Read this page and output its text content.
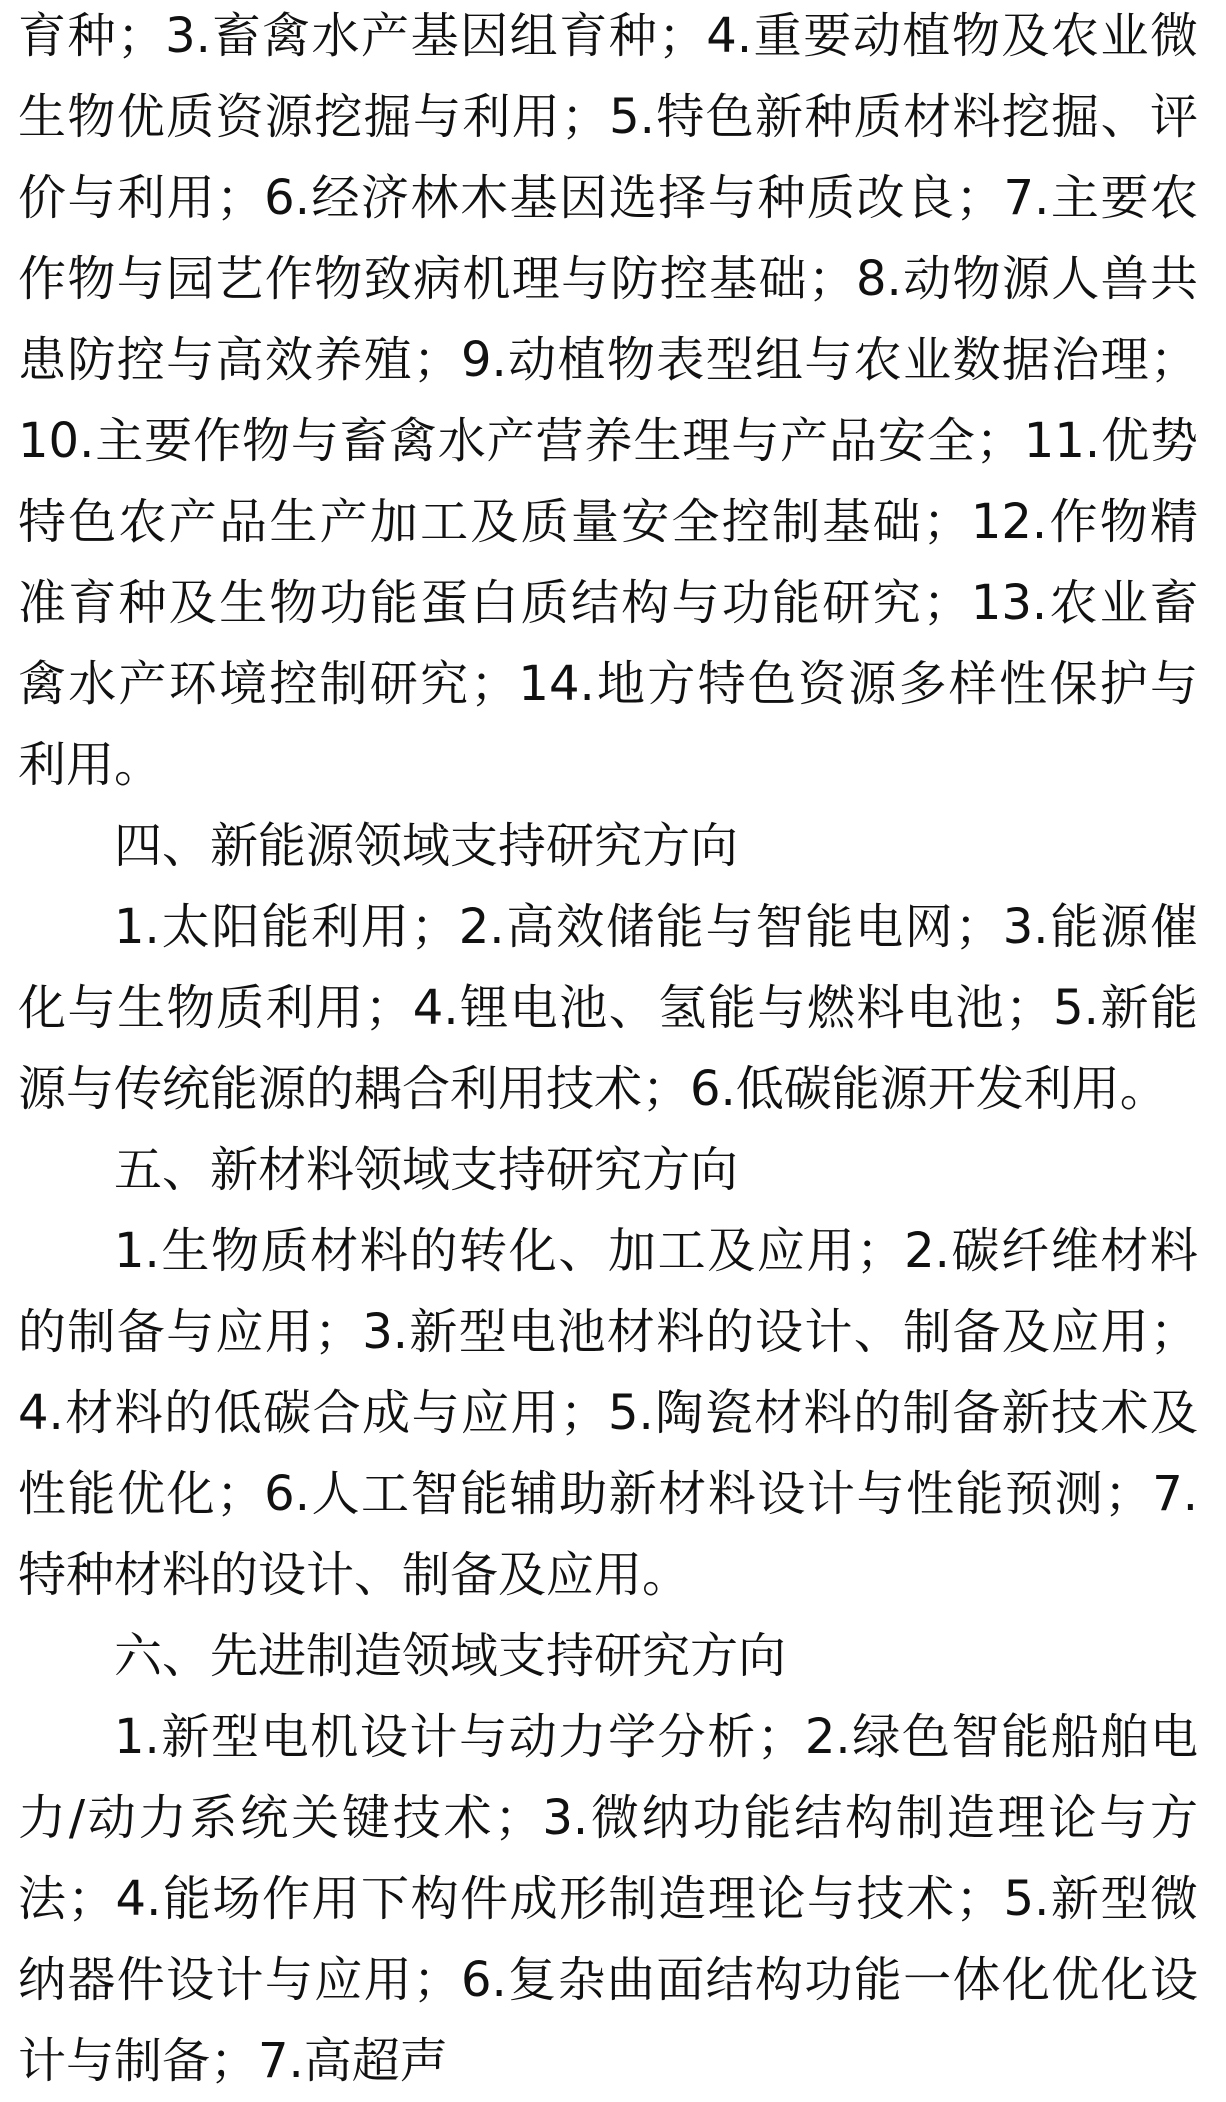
育种；3.畜禽水产基因组育种；4.重要动植物及农业微生物优质资源挖掘与利用；5.特色新种质材料挖掘、评价与利用；6.经济林木基因选择与种质改良；7.主要农作物与园艺作物致病机理与防控基础；8.动物源人兽共患防控与高效养殖；9.动植物表型组与农业数据治理；10.主要作物与畜禽水产营养生理与产品安全；11.优势特色农产品生产加工及质量安全控制基础；12.作物精准育种及生物功能蛋白质结构与功能研究；13.农业畜禽水产环境控制研究；14.地方特色资源多样性保护与利用。

四、新能源领域支持研究方向

1.太阳能利用；2.高效储能与智能电网；3.能源催化与生物质利用；4.锂电池、氢能与燃料电池；5.新能源与传统能源的耦合利用技术；6.低碳能源开发利用。

五、新材料领域支持研究方向

1.生物质材料的转化、加工及应用；2.碳纤维材料的制备与应用；3.新型电池材料的设计、制备及应用；4.材料的低碳合成与应用；5.陶瓷材料的制备新技术及性能优化；6.人工智能辅助新材料设计与性能预测；7.特种材料的设计、制备及应用。

六、先进制造领域支持研究方向

1.新型电机设计与动力学分析；2.绿色智能船舶电力/动力系统关键技术；3.微纳功能结构制造理论与方法；4.能场作用下构件成形制造理论与技术；5.新型微纳器件设计与应用；6.复杂曲面结构功能一体化优化设计与制备；7.高超声
